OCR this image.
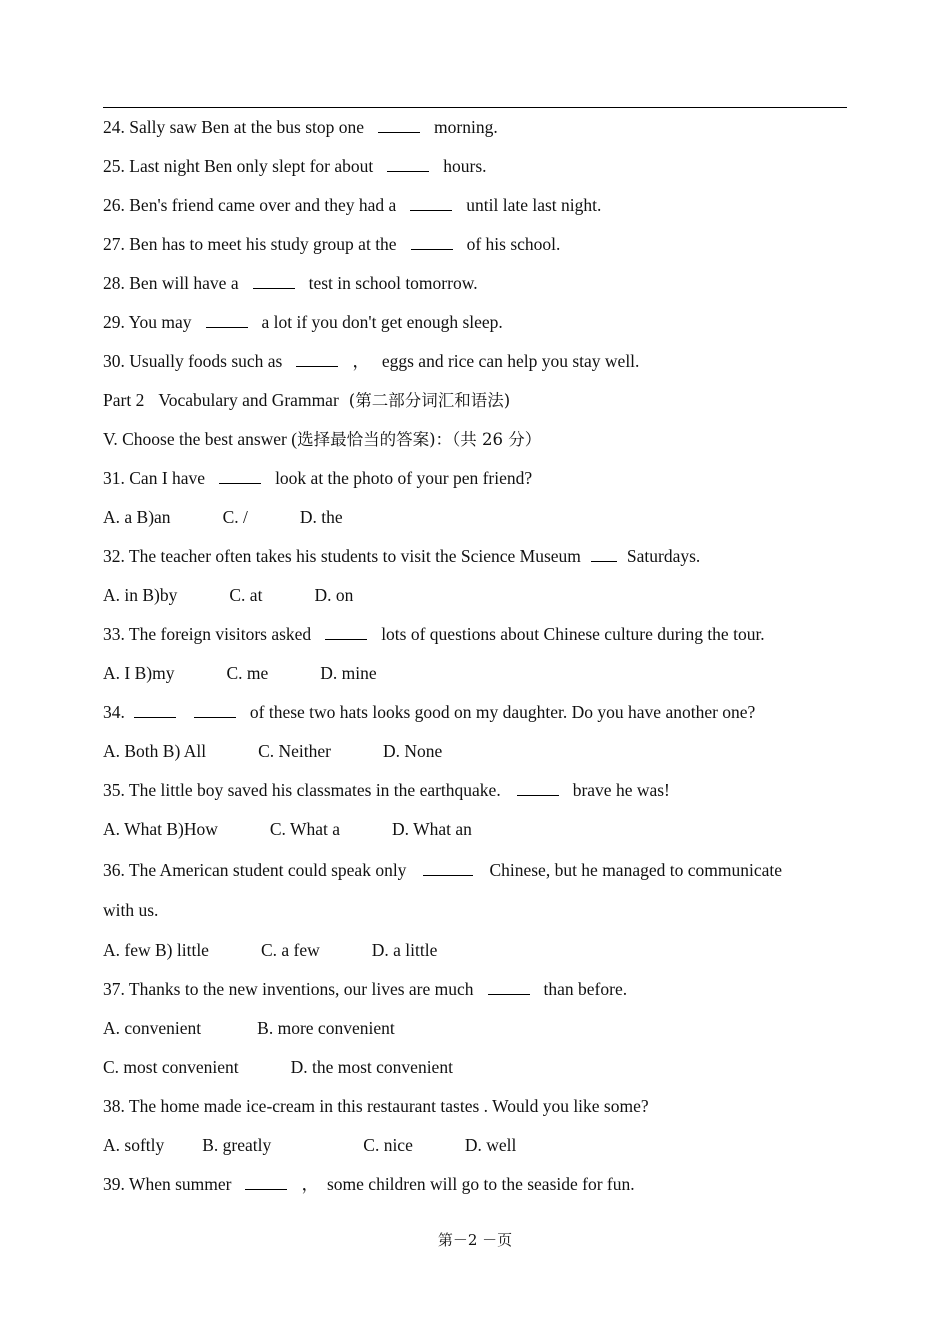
24. Sally saw Ben at the bus stop one	morning.
25. Last night Ben only slept for about	hours.
26. Ben's friend came over and they had a	until late last night.
27. Ben has to meet his study group at the	of his school.
28. Ben will have a	test in school tomorrow.
29. You may	a lot if you don't get enough sleep.
30. Usually foods such as	， eggs and rice can help you stay well.
Part 2 Vocabulary and Grammar (第二部分词汇和语法)
V. Choose the best answer (选择最恰当的答案)：（共 26 分）
31. Can I have	look at the photo of your pen friend?
A. a B)an	C. /	D. the
32. The teacher often takes his students to visit the Science Museum	Saturdays.
A. in B)by	C. at	D. on
33. The foreign visitors asked	lots of questions about Chinese culture during the tour.
A. I B)my	C. me	D. mine
34.	of these two hats looks good on my daughter. Do you have another one?
A. Both B) All	C. Neither	D. None
35. The little boy saved his classmates in the earthquake.	brave he was!
A. What B)How	C. What a	D. What an
36. The American student could speak only	Chinese, but he managed to communicate
with us.
A. few B) little	C. a few	D. a little
37. Thanks to the new inventions, our lives are much	than before.
A. convenient	B. more convenient
C. most convenient	D. the most convenient
38. The home made ice-cream in this restaurant tastes . Would you like some?
A. softly B. greatly	C. nice	D. well
39. When summer	， some children will go to the seaside for fun.
第－2 －页
